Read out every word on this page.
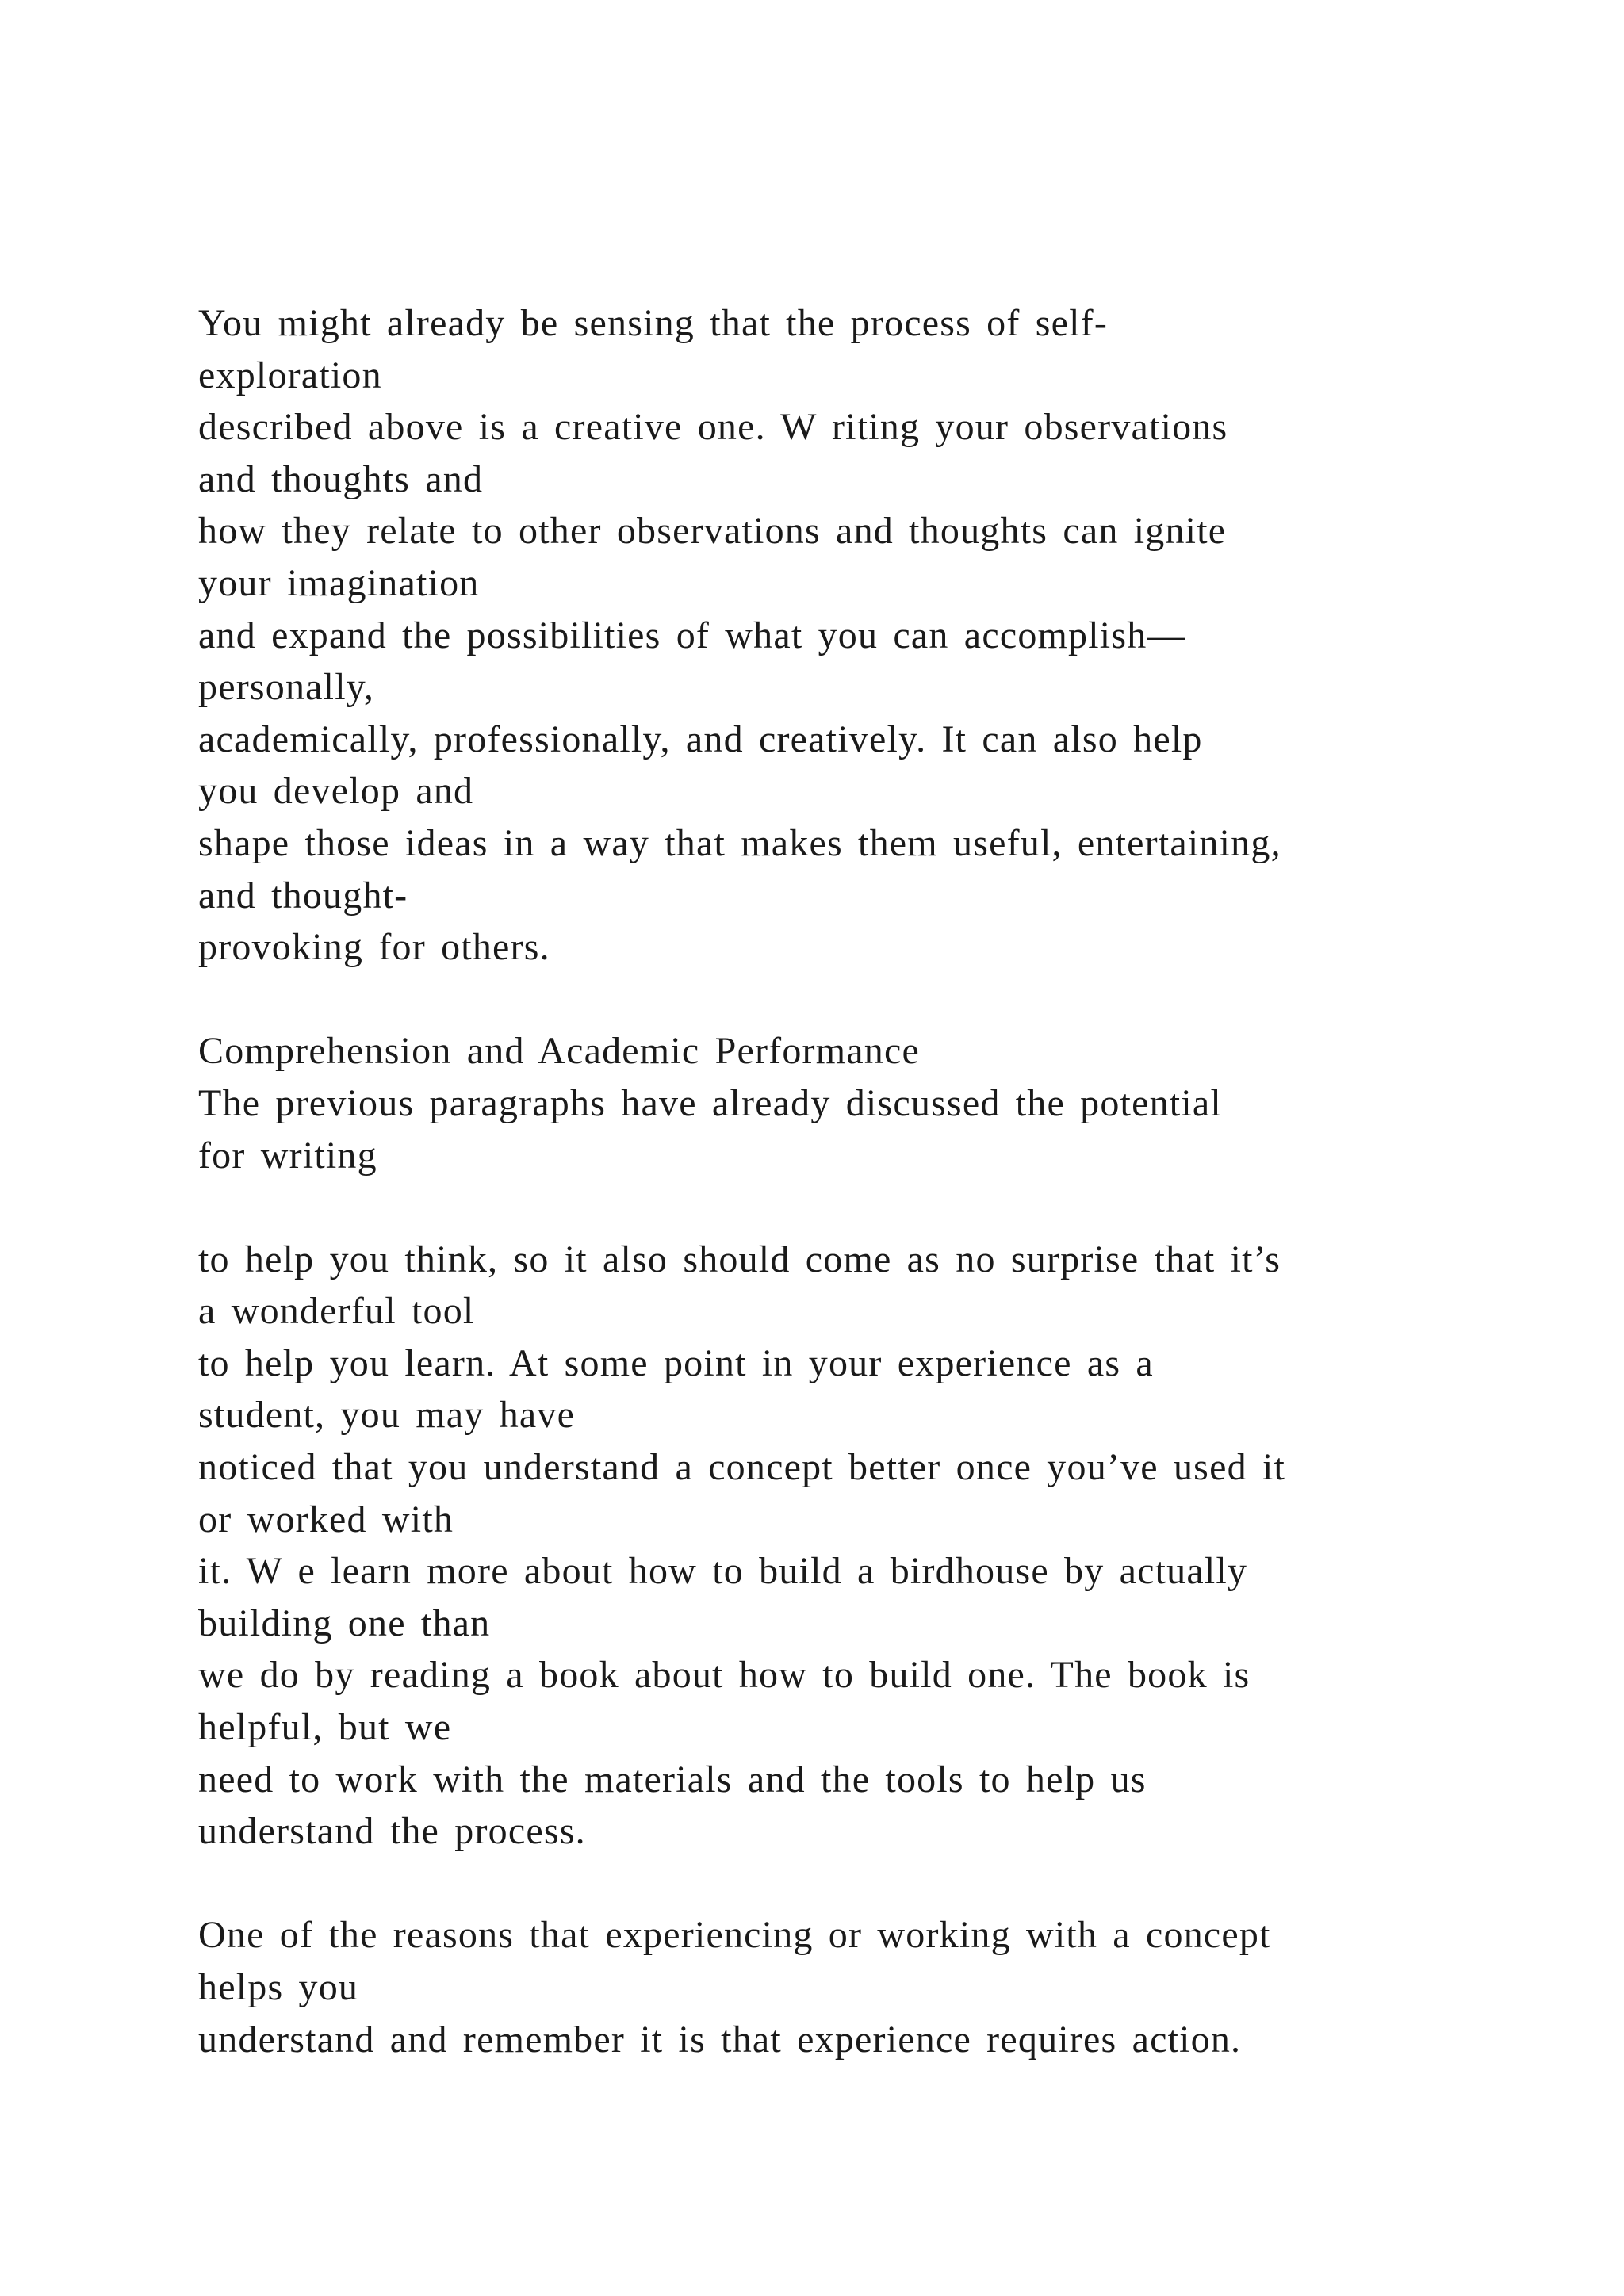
You might already be sensing that the process of self-
exploration
described above is a creative one. W riting your observations
and thoughts and
how they relate to other observations and thoughts can ignite
your imagination
and expand the possibilities of what you can accomplish—
personally,
academically, professionally, and creatively. It can also help
you develop and
shape those ideas in a way that makes them useful, entertaining,
and thought-
provoking for others.
Comprehension and Academic Performance
The previous paragraphs have already discussed the potential
for writing
to help you think, so it also should come as no surprise that it’s
a wonderful tool
to help you learn. At some point in your experience as a
student, you may have
noticed that you understand a concept better once you’ve used it
or worked with
it. W e learn more about how to build a birdhouse by actually
building one than
we do by reading a book about how to build one. The book is
helpful, but we
need to work with the materials and the tools to help us
understand the process.
One of the reasons that experiencing or working with a concept
helps you
understand and remember it is that experience requires action.
